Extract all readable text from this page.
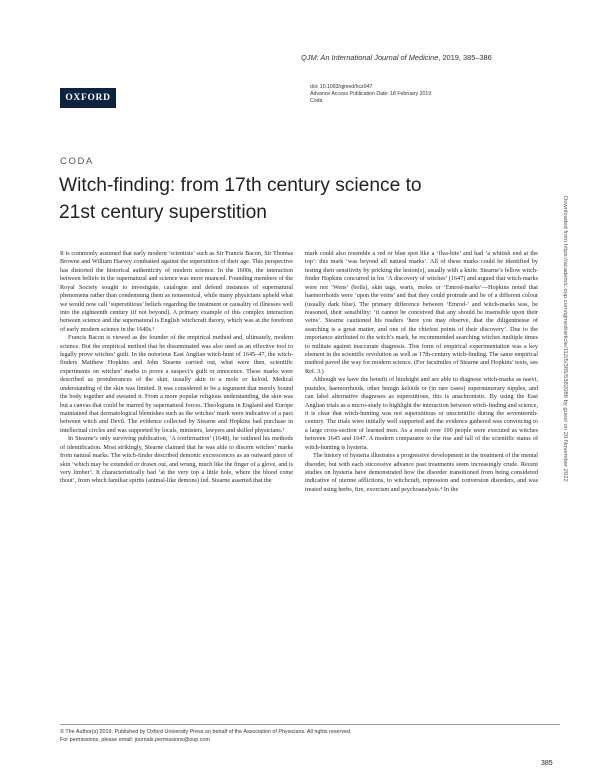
QJM: An International Journal of Medicine, 2019, 385–386
OXFORD
doi: 10.1093/qjmed/hcz047
Advance Access Publication Date: 18 February 2019
Coda
CODA
Witch-finding: from 17th century science to
21st century superstition

It is commonly assumed that early modern ‘scientists’ such as Sir Francis Bacon, Sir Thomas Browne and William Harvey combatted against the superstition of their age. This perspective has distorted the historical authenticity of modern science. In the 1600s, the interaction between beliefs in the supernatural and science was more nuanced. Founding members of the Royal Society sought to investigate, catalogue and defend instances of supernatural phenomena rather than condemning them as nonsensical, while many physicians upheld what we would now call ‘superstitious’ beliefs regarding the treatment or causality of illnesses well into the eighteenth century (if not beyond). A primary example of this complex interaction between science and the supernatural is English witchcraft theory, which was at the forefront of early modern science in the 1640s.¹

Francis Bacon is viewed as the founder of the empirical method and, ultimately, modern science. But the empirical method that he disseminated was also used as an effective tool to legally prove witches’ guilt. In the notorious East Anglian witch-hunt of 1645–47, the witch-finders Matthew Hopkins and John Stearne carried out, what were then, scientific experiments on witches’ marks to prove a suspect’s guilt or innocence. These marks were described as protuberances of the skin, usually akin to a mole or keloid. Medical understanding of the skin was limited. It was considered to be a tegument that merely bound the body together and sweated it. From a more popular religious understanding, the skin was but a canvas that could be marred by supernatural forces. Theologians in England and Europe maintained that dermatological blemishes such as the witches’ mark were indicative of a pact between witch and Devil. The evidence collected by Stearne and Hopkins had purchase in intellectual circles and was supported by locals, ministers, lawyers and skilled physicians.²

In Stearne’s only surviving publication, ‘A confirmation’ (1648), he outlined his methods of identification. Most strikingly, Stearne claimed that he was able to discern witches’ marks from natural marks. The witch-finder described demonic excrescences as an outward piece of skin ‘which may be extended or drawn out, and wrung, much like the finger of a glove, and is very limber’. It characteristically had ‘at the very top a little hole, where the blood come thout’, from which familiar spirits (animal-like demons) fed. Stearne asserted that the

mark could also resemble a red or blue spot like a ‘flea-bite’ and had ‘a whitish end at the top’: this mark ‘was beyond all natural marks’. All of these marks could be identified by testing their sensitivity by pricking the lesion(s), usually with a knife. Stearne’s fellow witch-finder Hopkins concurred in his ‘A discovery of witches’ (1647) and argued that witch-marks were not ‘Wens’ (boils), skin tags, warts, moles or ‘Emrod-marks’—Hopkins noted that haemorrhoids were ‘upon the veins’ and that they could protrude and be of a different colour (usually dark blue). The primary difference between ‘Emrod-’ and witch-marks was, he reasoned, their sensibility: ‘it cannot be conceived that any should be insensible upon their veins’. Stearne cautioned his readers ‘here you may observe, that the diligentnesse of searching is a great matter, and one of the chiefest points of their discovery’. Due to the importance attributed to the witch’s mark, he recommended searching witches multiple times to militate against inaccurate diagnosis. This form of empirical experimentation was a key element in the scientific revolution as well as 17th-century witch-finding. The same empirical method paved the way for modern science. (For facsimiles of Stearne and Hopkins’ texts, see Ref. 3.)

Although we have the benefit of hindsight and are able to diagnose witch-marks as naevi, pustules, haemorrhoids, other benign keloids or (in rare cases) supernumerary nipples, and can label alternative diagnoses as superstitious, this is anachronistic. By using the East Anglian trials as a micro-study to highlight the interaction between witch-finding and science, it is clear that witch-hunting was not superstitious or unscientific during the seventeenth-century. The trials were initially well supported and the evidence gathered was convincing to a large cross-section of learned men. As a result over 100 people were executed as witches between 1645 and 1647. A modern comparator to the rise and fall of the scientific status of witch-hunting is hysteria.

The history of hysteria illustrates a progressive development in the treatment of the mental disorder, but with each successive advance past treatments seem increasingly crude. Recent studies on hysteria have demonstrated how the disorder transitioned from being considered indicative of uterine afflictions, to witchcraft, repression and conversion disorders, and was treated using herbs, fire, exorcism and psychoanalysis.⁴ In the

Downloaded from https://academic.oup.com/qjmed/article/112/5/385/5382086 by guest on 20 November 2022
© The Author(s) 2019. Published by Oxford University Press on behalf of the Association of Physicians. All rights reserved.
For permissions, please email: journals.permissions@oup.com
385
